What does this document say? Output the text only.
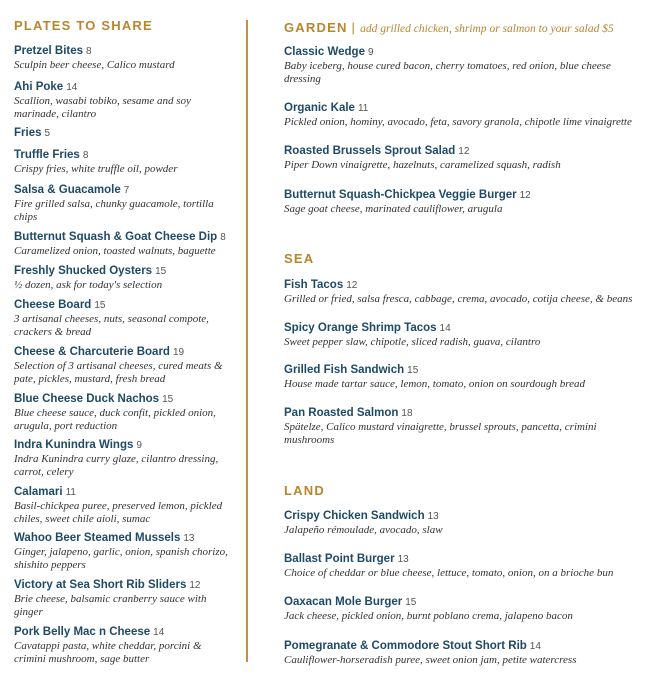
PLATES TO SHARE
Pretzel Bites 8
Sculpin beer cheese, Calico mustard
Ahi Poke 14
Scallion, wasabi tobiko, sesame and soy marinade, cilantro
Fries 5
Truffle Fries 8
Crispy fries, white truffle oil, powder
Salsa & Guacamole 7
Fire grilled salsa, chunky guacamole, tortilla chips
Butternut Squash & Goat Cheese Dip 8
Caramelized onion, toasted walnuts, baguette
Freshly Shucked Oysters 15
½ dozen, ask for today's selection
Cheese Board 15
3 artisanal cheeses, nuts, seasonal compote, crackers & bread
Cheese & Charcuterie Board 19
Selection of 3 artisanal cheeses, cured meats & pate, pickles, mustard, fresh bread
Blue Cheese Duck Nachos 15
Blue cheese sauce, duck confit, pickled onion, arugula, port reduction
Indra Kunindra Wings 9
Indra Kunindra curry glaze, cilantro dressing, carrot, celery
Calamari 11
Basil-chickpea puree, preserved lemon, pickled chiles, sweet chile aioli, sumac
Wahoo Beer Steamed Mussels 13
Ginger, jalapeno, garlic, onion, spanish chorizo, shishito peppers
Victory at Sea Short Rib Sliders 12
Brie cheese, balsamic cranberry sauce with ginger
Pork Belly Mac n Cheese 14
Cavatappi pasta, white cheddar, porcini & crimini mushroom, sage butter
GARDEN | add grilled chicken, shrimp or salmon to your salad $5
Classic Wedge 9
Baby iceberg, house cured bacon, cherry tomatoes, red onion, blue cheese dressing
Organic Kale 11
Pickled onion, hominy, avocado, feta, savory granola, chipotle lime vinaigrette
Roasted Brussels Sprout Salad 12
Piper Down vinaigrette, hazelnuts, caramelized squash, radish
Butternut Squash-Chickpea Veggie Burger 12
Sage goat cheese, marinated cauliflower, arugula
SEA
Fish Tacos 12
Grilled or fried, salsa fresca, cabbage, crema, avocado, cotija cheese, & beans
Spicy Orange Shrimp Tacos 14
Sweet pepper slaw, chipotle, sliced radish, guava, cilantro
Grilled Fish Sandwich 15
House made tartar sauce, lemon, tomato, onion on sourdough bread
Pan Roasted Salmon 18
Spätelze, Calico mustard vinaigrette, brussel sprouts, pancetta, crimini mushrooms
LAND
Crispy Chicken Sandwich 13
Jalapeño rémoulade, avocado, slaw
Ballast Point Burger 13
Choice of cheddar or blue cheese, lettuce, tomato, onion, on a brioche bun
Oaxacan Mole Burger 15
Jack cheese, pickled onion, burnt poblano crema, jalapeno bacon
Pomegranate & Commodore Stout Short Rib 14
Cauliflower-horseradish puree, sweet onion jam, petite watercress
